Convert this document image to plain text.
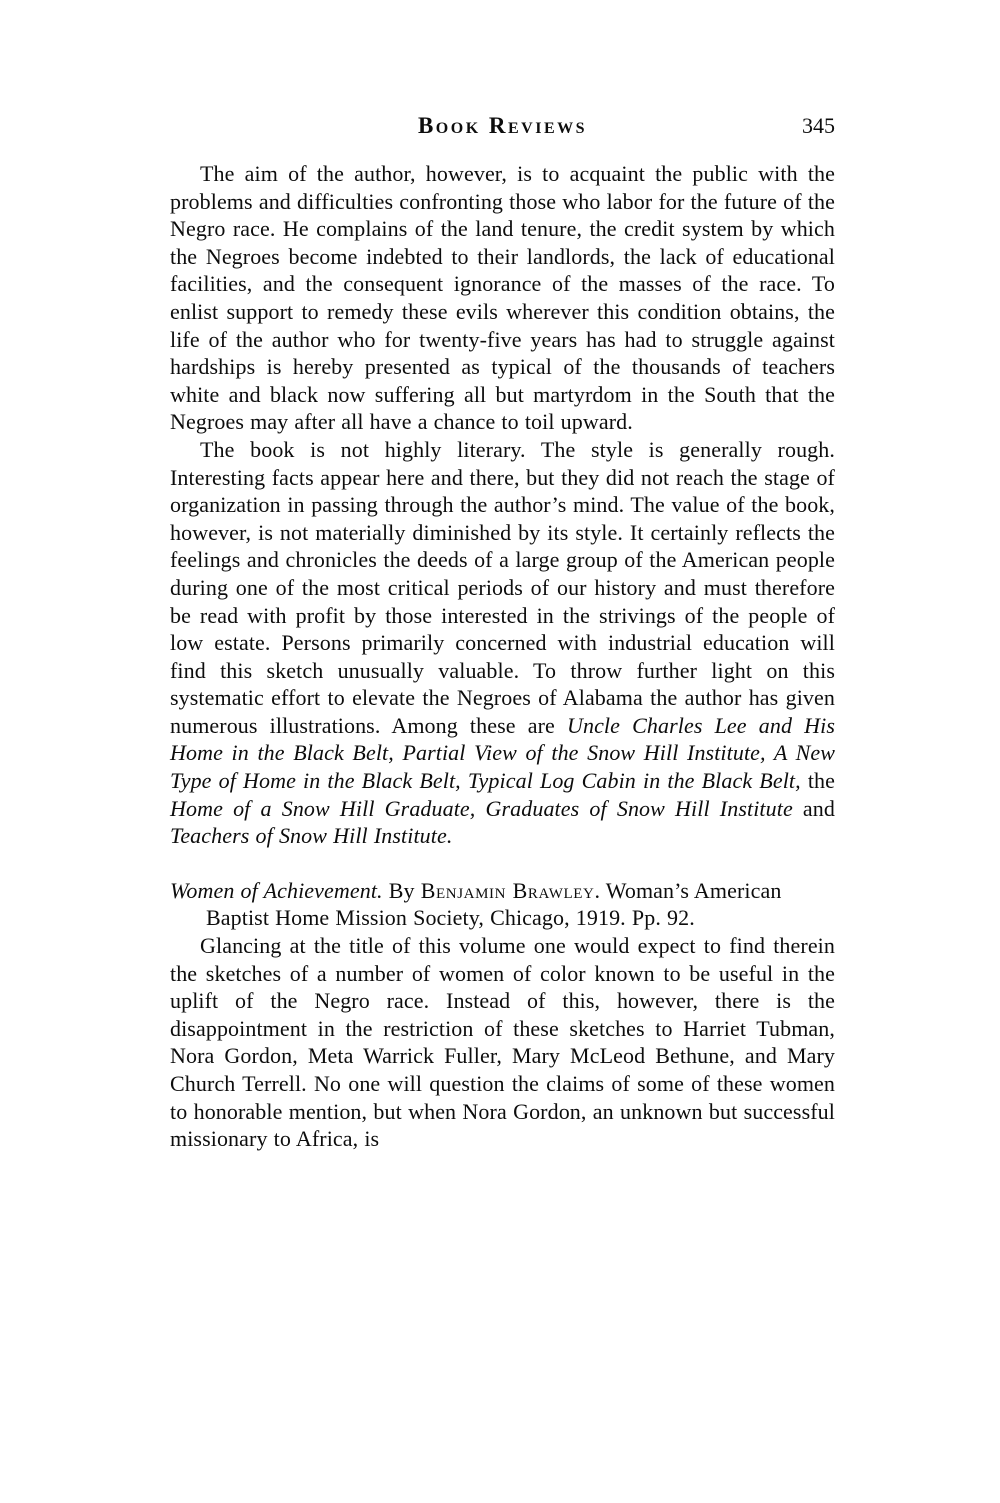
Book Reviews	345

The aim of the author, however, is to acquaint the public with the problems and difficulties confronting those who labor for the future of the Negro race. He complains of the land tenure, the credit system by which the Negroes become indebted to their landlords, the lack of educational facilities, and the consequent ignorance of the masses of the race. To enlist support to remedy these evils wherever this condition obtains, the life of the author who for twenty-five years has had to struggle against hardships is hereby presented as typical of the thousands of teachers white and black now suffering all but martyrdom in the South that the Negroes may after all have a chance to toil upward.

The book is not highly literary. The style is generally rough. Interesting facts appear here and there, but they did not reach the stage of organization in passing through the author’s mind. The value of the book, however, is not materially diminished by its style. It certainly reflects the feelings and chronicles the deeds of a large group of the American people during one of the most critical periods of our history and must therefore be read with profit by those interested in the strivings of the people of low estate. Persons primarily concerned with industrial education will find this sketch unusually valuable. To throw further light on this systematic effort to elevate the Negroes of Alabama the author has given numerous illustrations. Among these are Uncle Charles Lee and His Home in the Black Belt, Partial View of the Snow Hill Institute, A New Type of Home in the Black Belt, Typical Log Cabin in the Black Belt, the Home of a Snow Hill Graduate, Graduates of Snow Hill Institute and Teachers of Snow Hill Institute.

Women of Achievement. By Benjamin Brawley. Woman’s American Baptist Home Mission Society, Chicago, 1919. Pp. 92.

Glancing at the title of this volume one would expect to find therein the sketches of a number of women of color known to be useful in the uplift of the Negro race. Instead of this, however, there is the disappointment in the restriction of these sketches to Harriet Tubman, Nora Gordon, Meta Warrick Fuller, Mary McLeod Bethune, and Mary Church Terrell. No one will question the claims of some of these women to honorable mention, but when Nora Gordon, an unknown but successful missionary to Africa, is
